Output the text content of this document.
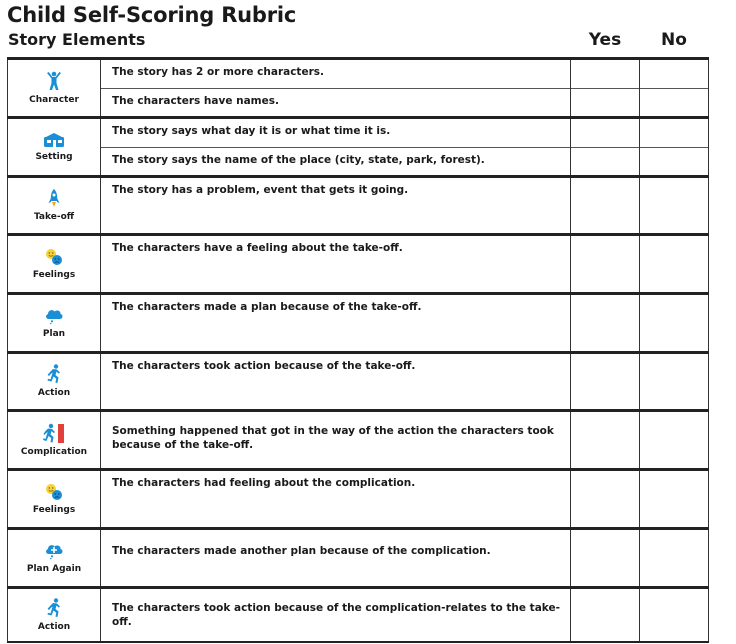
Child Self-Scoring Rubric
Story Elements	Yes	No
Character
The story has 2 or more characters.
The characters have names.
Setting
The story says what day it is or what time it is.
The story says the name of the place (city, state, park, forest).
Take-off
The story has a problem, event that gets it going.
Feelings
The characters have a feeling about the take-off.
Plan
The characters made a plan because of the take-off.
Action
The characters took action because of the take-off.
Complication
Something happened that got in the way of the action the characters took because of the take-off.
Feelings
The characters had feeling about the complication.
Plan Again
The characters made another plan because of the complication.
Action
The characters took action because of the complication-relates to the take-off.
